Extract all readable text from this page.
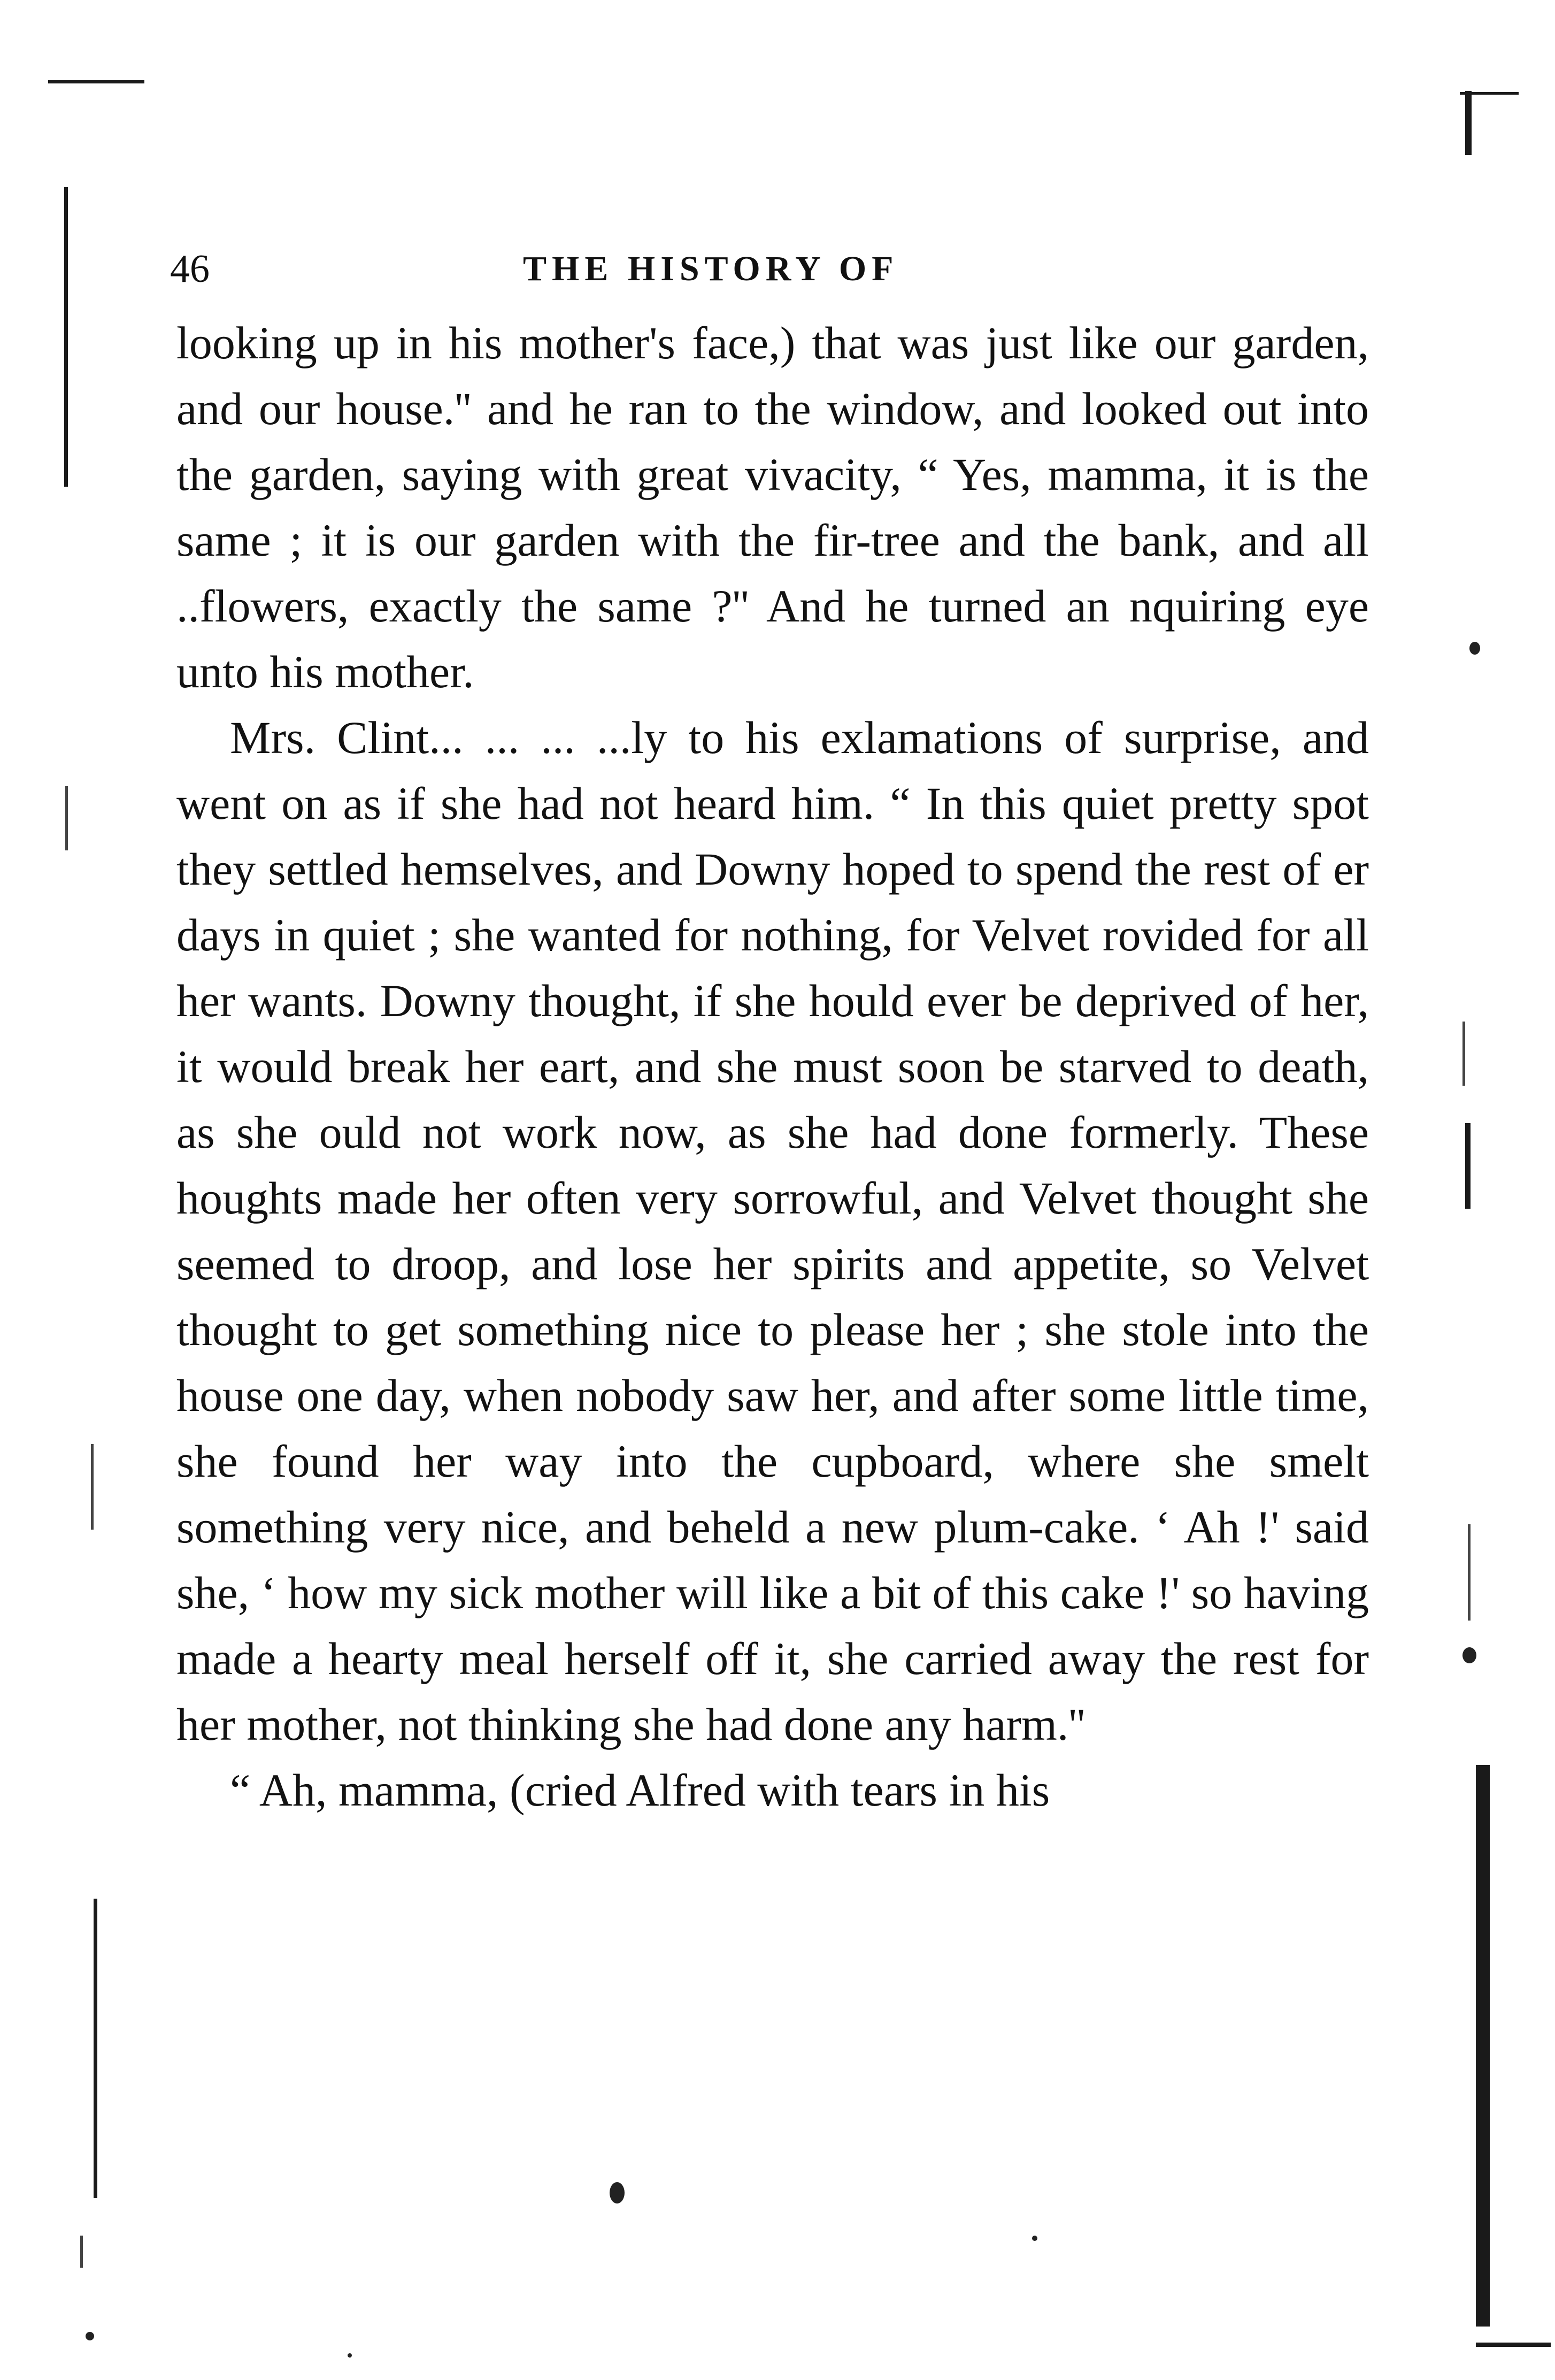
46	THE HISTORY OF

looking up in his mother's face,) that was just like our garden, and our house.'' and he ran to the window, and looked out into the garden, saying with great vivacity, “ Yes, mamma, it is the same ; it is our garden with the fir-tree and the bank, and all ..flowers, exactly the same ?'' And he turned an nquiring eye unto his mother.

Mrs. Clint... ... ... ...ly to his exlamations of surprise, and went on as if she had not heard him. “ In this quiet pretty spot they settled hemselves, and Downy hoped to spend the rest of er days in quiet ; she wanted for nothing, for Velvet rovided for all her wants. Downy thought, if she hould ever be deprived of her, it would break her eart, and she must soon be starved to death, as she ould not work now, as she had done formerly. These houghts made her often very sorrowful, and Velvet thought she seemed to droop, and lose her spirits and appetite, so Velvet thought to get something nice to please her ; she stole into the house one day, when nobody saw her, and after some little time, she found her way into the cupboard, where she smelt something very nice, and beheld a new plum-cake. ‘ Ah !' said she, ‘ how my sick mother will like a bit of this cake !' so having made a hearty meal herself off it, she carried away the rest for her mother, not thinking she had done any harm.''

“ Ah, mamma, (cried Alfred with tears in his
